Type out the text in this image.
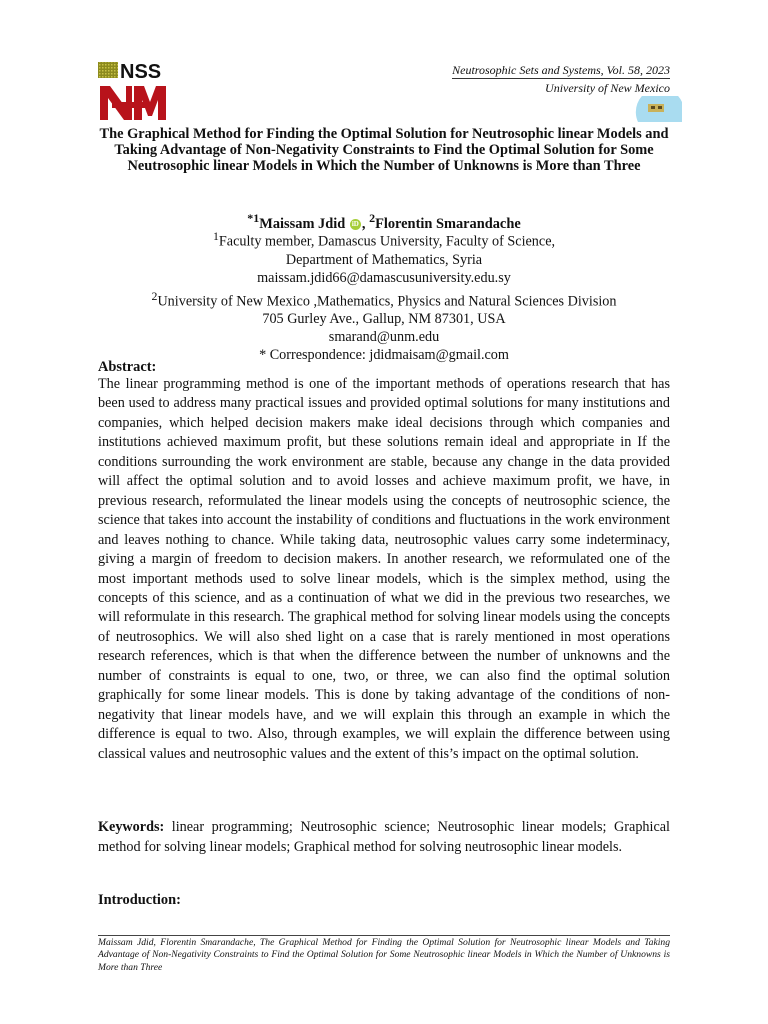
NSS	Neutrosophic Sets and Systems, Vol. 58, 2023
University of New Mexico
The Graphical Method for Finding the Optimal Solution for Neutrosophic linear Models and Taking Advantage of Non-Negativity Constraints to Find the Optimal Solution for Some Neutrosophic linear Models in Which the Number of Unknowns is More than Three
$^{*1}$Maissam Jdid iD , $^2$Florentin Smarandache
$^1$Faculty member, Damascus University, Faculty of Science,
Department of Mathematics, Syria
maissam.jdid66@damascusuniversity.edu.sy
$^2$University of New Mexico ,Mathematics, Physics and Natural Sciences Division
705 Gurley Ave., Gallup, NM 87301, USA
smarand@unm.edu
* Correspondence: jdidmaisam@gmail.com
Abstract:

The linear programming method is one of the important methods of operations research that has been used to address many practical issues and provided optimal solutions for many institutions and companies, which helped decision makers make ideal decisions through which companies and institutions achieved maximum profit, but these solutions remain ideal and appropriate in If the conditions surrounding the work environment are stable, because any change in the data provided will affect the optimal solution and to avoid losses and achieve maximum profit, we have, in previous research, reformulated the linear models using the concepts of neutrosophic science, the science that takes into account the instability of conditions and fluctuations in the work environment and leaves nothing to chance. While taking data, neutrosophic values carry some indeterminacy, giving a margin of freedom to decision makers. In another research, we reformulated one of the most important methods used to solve linear models, which is the simplex method, using the concepts of this science, and as a continuation of what we did in the previous two researches, we will reformulate in this research. The graphical method for solving linear models using the concepts of neutrosophics. We will also shed light on a case that is rarely mentioned in most operations research references, which is that when the difference between the number of unknowns and the number of constraints is equal to one, two, or three, we can also find the optimal solution graphically for some linear models. This is done by taking advantage of the conditions of non-negativity that linear models have, and we will explain this through an example in which the difference is equal to two. Also, through examples, we will explain the difference between using classical values and neutrosophic values and the extent of this’s impact on the optimal solution.

Keywords: linear programming; Neutrosophic science; Neutrosophic linear models; Graphical method for solving linear models; Graphical method for solving neutrosophic linear models.

Introduction:
Maissam Jdid, Florentin Smarandache, The Graphical Method for Finding the Optimal Solution for Neutrosophic linear Models and Taking Advantage of Non-Negativity Constraints to Find the Optimal Solution for Some Neutrosophic linear Models in Which the Number of Unknowns is More than Three
